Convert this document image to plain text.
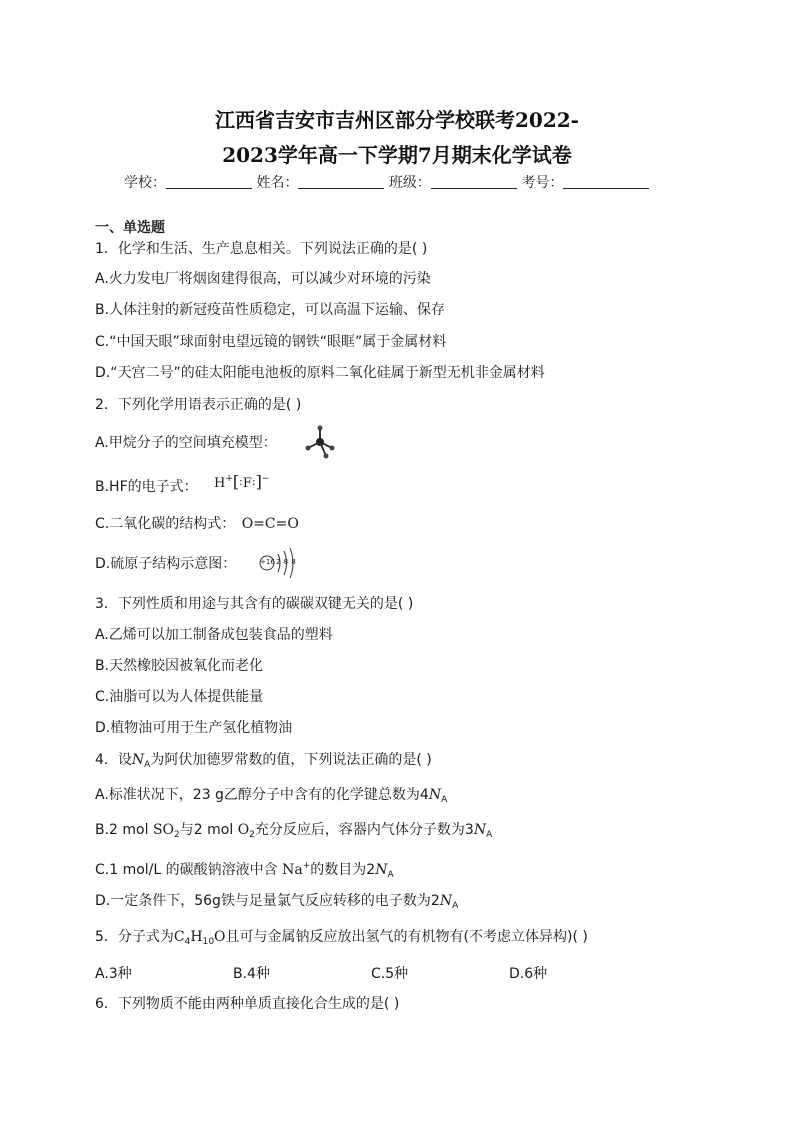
江西省吉安市吉州区部分学校联考2022-
2023学年高一下学期7月期末化学试卷
学校：	姓名：	班级：	考号：
一、单选题
1．化学和生活、生产息息相关。下列说法正确的是( )
A.火力发电厂将烟囱建得很高，可以减少对环境的污染
B.人体注射的新冠疫苗性质稳定，可以高温下运输、保存
C.“中国天眼”球面射电望远镜的钢铁“眼眶”属于金属材料
D.“天宫二号”的硅太阳能电池板的原料二氧化硅属于新型无机非金属材料
2．下列化学用语表示正确的是( )
A.甲烷分子的空间填充模型：
B.HF的电子式： H+[:F:]−
C.二氧化碳的结构式： O=C=O
D.硫原子结构示意图：	+16 2 8 8
3．下列性质和用途与其含有的碳碳双键无关的是( )
A.乙烯可以加工制备成包装食品的塑料
B.天然橡胶因被氧化而老化
C.油脂可以为人体提供能量
D.植物油可用于生产氢化植物油
4．设$N_A$为阿伏加德罗常数的值，下列说法正确的是( )
A.标准状况下，23 g乙醇分子中含有的化学键总数为$4N_A$
B.2 mol $SO_2$与2 mol $O_2$充分反应后，容器内气体分子数为$3N_A$
C.1 mol/L 的碳酸钠溶液中含 Na+的数目为$2N_A$
D.一定条件下，56g铁与足量氯气反应转移的电子数为$2N_A$
5．分子式为$C_4H_{10}O$且可与金属钠反应放出氢气的有机物有(不考虑立体异构)( )
A.3种	B.4种	C.5种	D.6种
6．下列物质不能由两种单质直接化合生成的是( )
